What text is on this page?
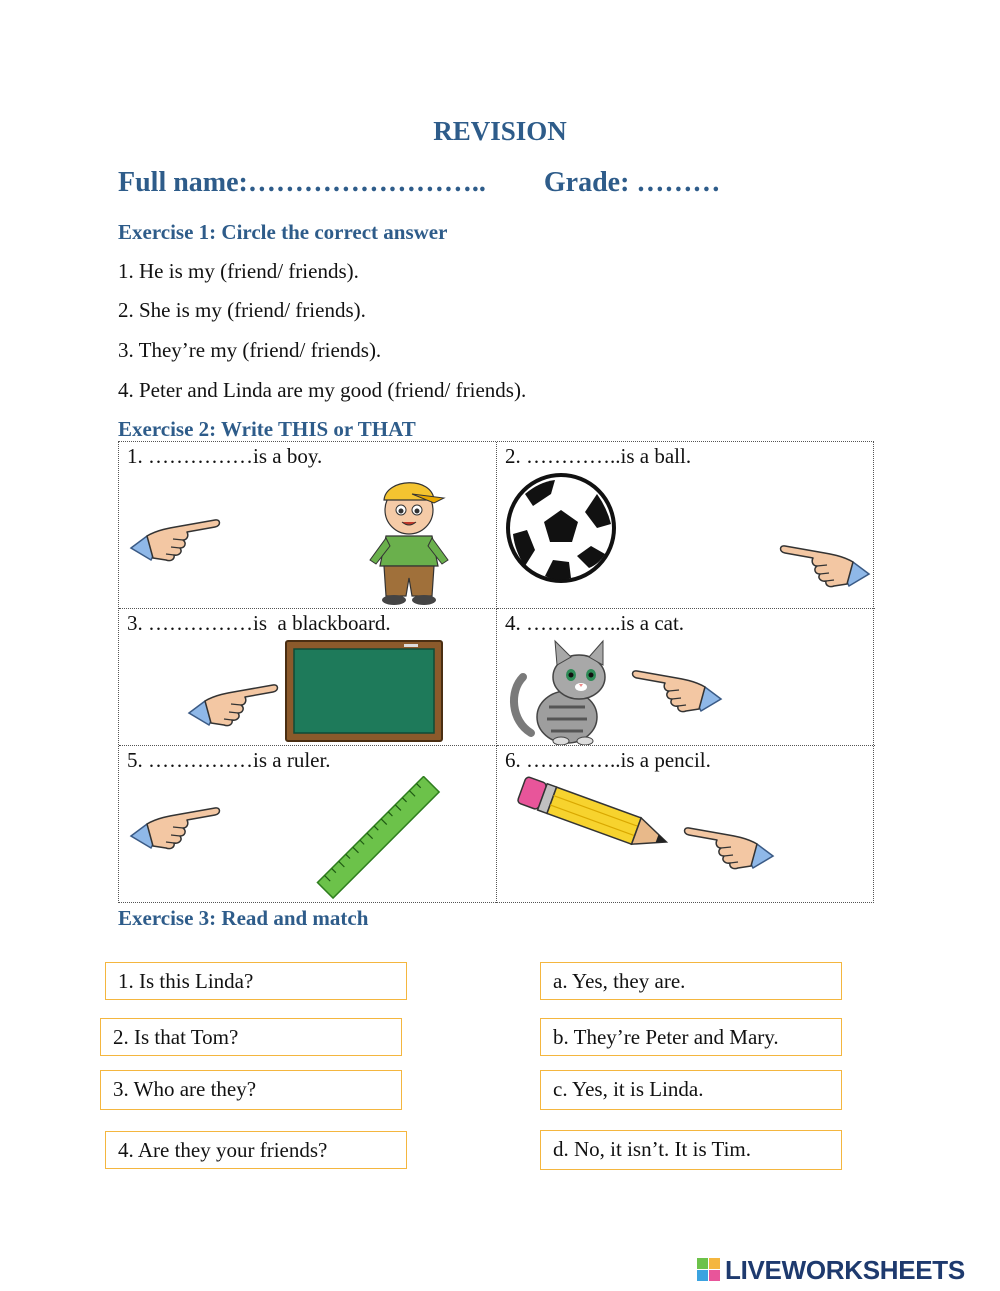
REVISION
Full name:…………………….. Grade: ………
Exercise 1: Circle the correct answer
1. He is my (friend/ friends).
2. She is my (friend/ friends).
3. They’re my (friend/ friends).
4. Peter and Linda are my good (friend/ friends).
Exercise 2: Write THIS or THAT
1. ……………is a boy.	2. …………..is a ball.
3. ……………is  a blackboard.	4. …………..is a cat.
5. ……………is a ruler.	6. …………..is a pencil.
Exercise 3: Read and match
1. Is this Linda?
2. Is that Tom?
3. Who are they?
4. Are they your friends?
a. Yes, they are.
b. They’re Peter and Mary.
c. Yes, it is Linda.
d. No, it isn’t. It is Tim.
LIVEWORKSHEETS
